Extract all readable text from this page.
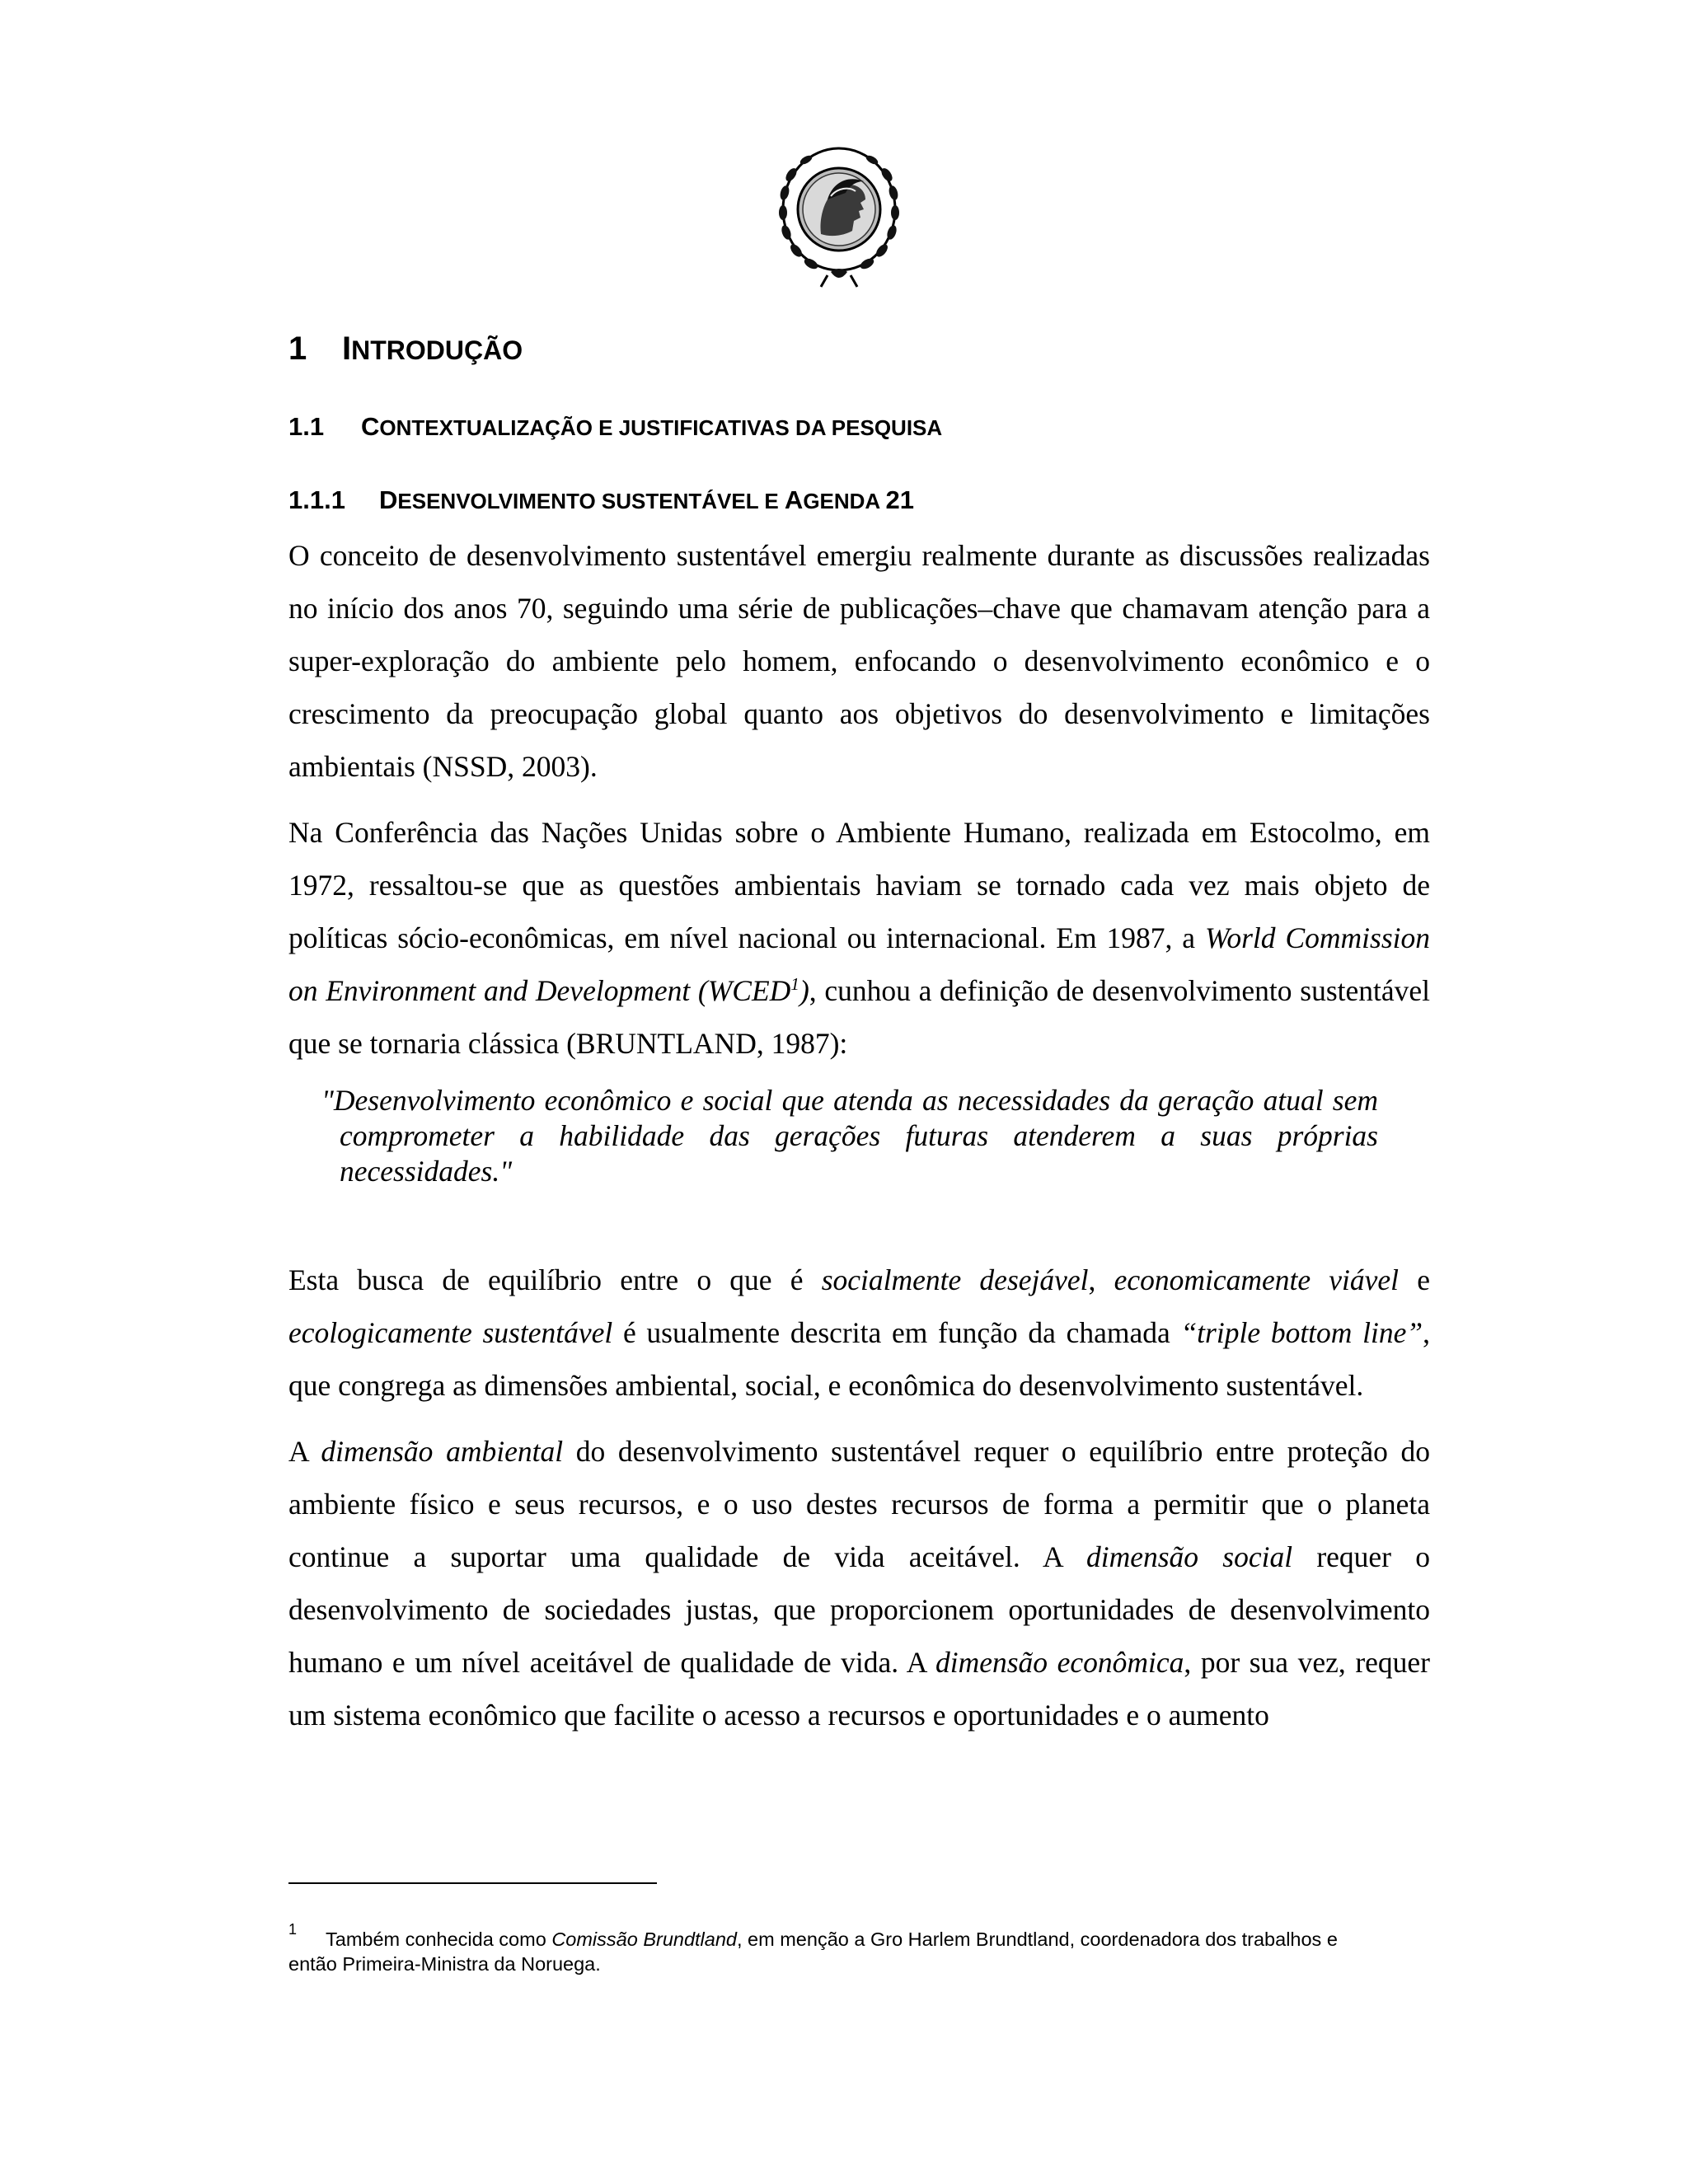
1	INTRODUÇÃO
1.1	CONTEXTUALIZAÇÃO E JUSTIFICATIVAS DA PESQUISA
1.1.1	DESENVOLVIMENTO SUSTENTÁVEL E AGENDA 21
O conceito de desenvolvimento sustentável emergiu realmente durante as discussões realizadas no início dos anos 70, seguindo uma série de publicações–chave que chamavam atenção para a super-exploração do ambiente pelo homem, enfocando o desenvolvimento econômico e o crescimento da preocupação global quanto aos objetivos do desenvolvimento e limitações ambientais (NSSD, 2003).
Na Conferência das Nações Unidas sobre o Ambiente Humano, realizada em Estocolmo, em 1972, ressaltou-se que as questões ambientais haviam se tornado cada vez mais objeto de políticas sócio-econômicas, em nível nacional ou internacional. Em 1987, a World Commission on Environment and Development (WCED$^1$), cunhou a definição de desenvolvimento sustentável que se tornaria clássica (BRUNTLAND, 1987):
"Desenvolvimento econômico e social que atenda as necessidades da geração atual sem comprometer a habilidade das gerações futuras atenderem a suas próprias necessidades."
Esta busca de equilíbrio entre o que é socialmente desejável, economicamente viável e ecologicamente sustentável é usualmente descrita em função da chamada “triple bottom line”, que congrega as dimensões ambiental, social, e econômica do desenvolvimento sustentável.
A dimensão ambiental do desenvolvimento sustentável requer o equilíbrio entre proteção do ambiente físico e seus recursos, e o uso destes recursos de forma a permitir que o planeta continue a suportar uma qualidade de vida aceitável. A dimensão social requer o desenvolvimento de sociedades justas, que proporcionem oportunidades de desenvolvimento humano e um nível aceitável de qualidade de vida. A dimensão econômica, por sua vez, requer um sistema econômico que facilite o acesso a recursos e oportunidades e o aumento
1	Também conhecida como Comissão Brundtland, em menção a Gro Harlem Brundtland, coordenadora dos trabalhos e
então Primeira-Ministra da Noruega.
